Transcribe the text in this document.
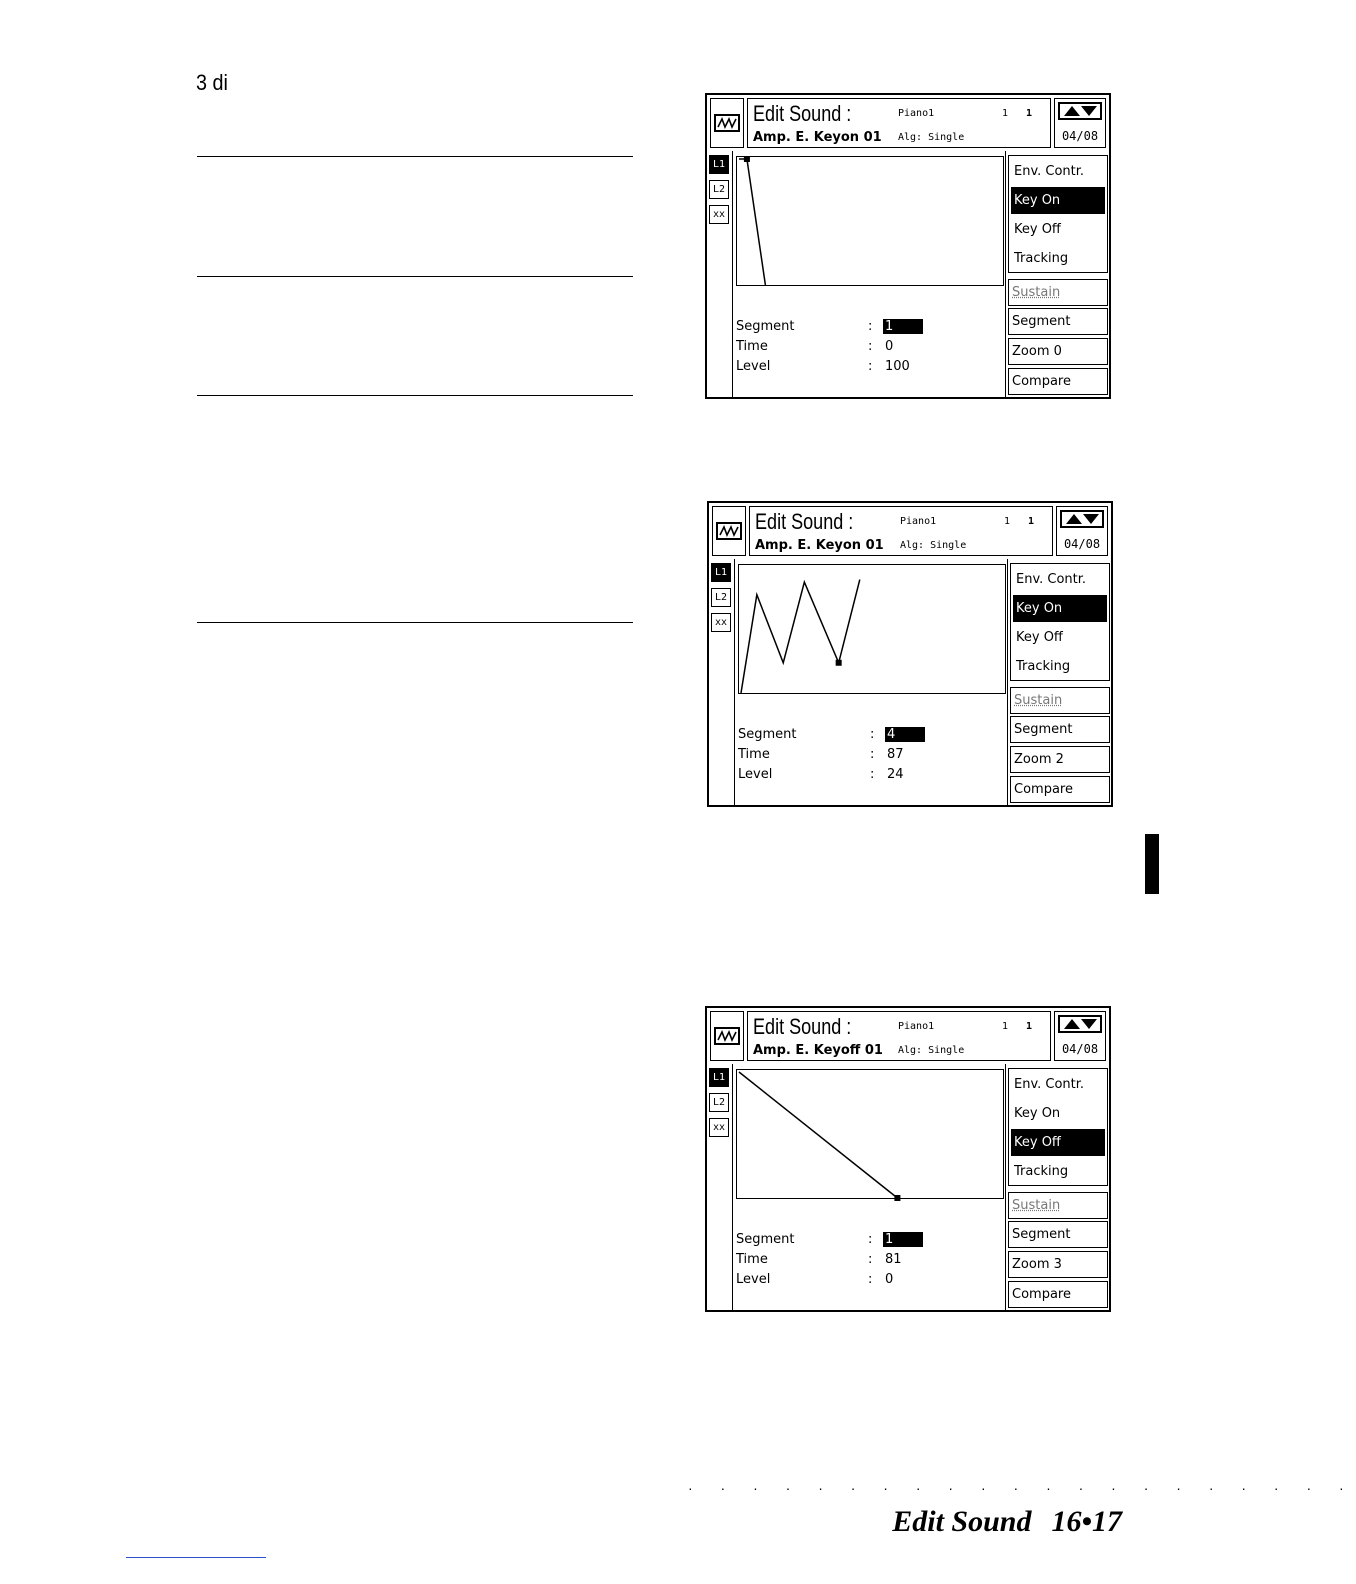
3 di
Edit Sound :
Amp. E. Keyon 01
Piano1
Alg: Single
1 1
04/08
L1
L2
xx
Segment	: 1
Time	: 0
Level	: 100
Env. Contr.
Key On
Key Off
Tracking
Sustain
Segment
Zoom 0
Compare
Edit Sound :
Amp. E. Keyon 01
Piano1
Alg: Single
1 1
04/08
L1
L2
xx
Segment	: 4
Time	: 87
Level	: 24
Env. Contr.
Key On
Key Off
Tracking
Sustain
Segment
Zoom 2
Compare
Edit Sound :
Amp. E. Keyoff 01
Piano1
Alg: Single
1 1
04/08
L1
L2
xx
Segment	: 1
Time	: 81
Level	: 0
Env. Contr.
Key On
Key Off
Tracking
Sustain
Segment
Zoom 3
Compare
· · · · · · · · · · · · · · · · · · · · ·
Edit Sound 16•17
